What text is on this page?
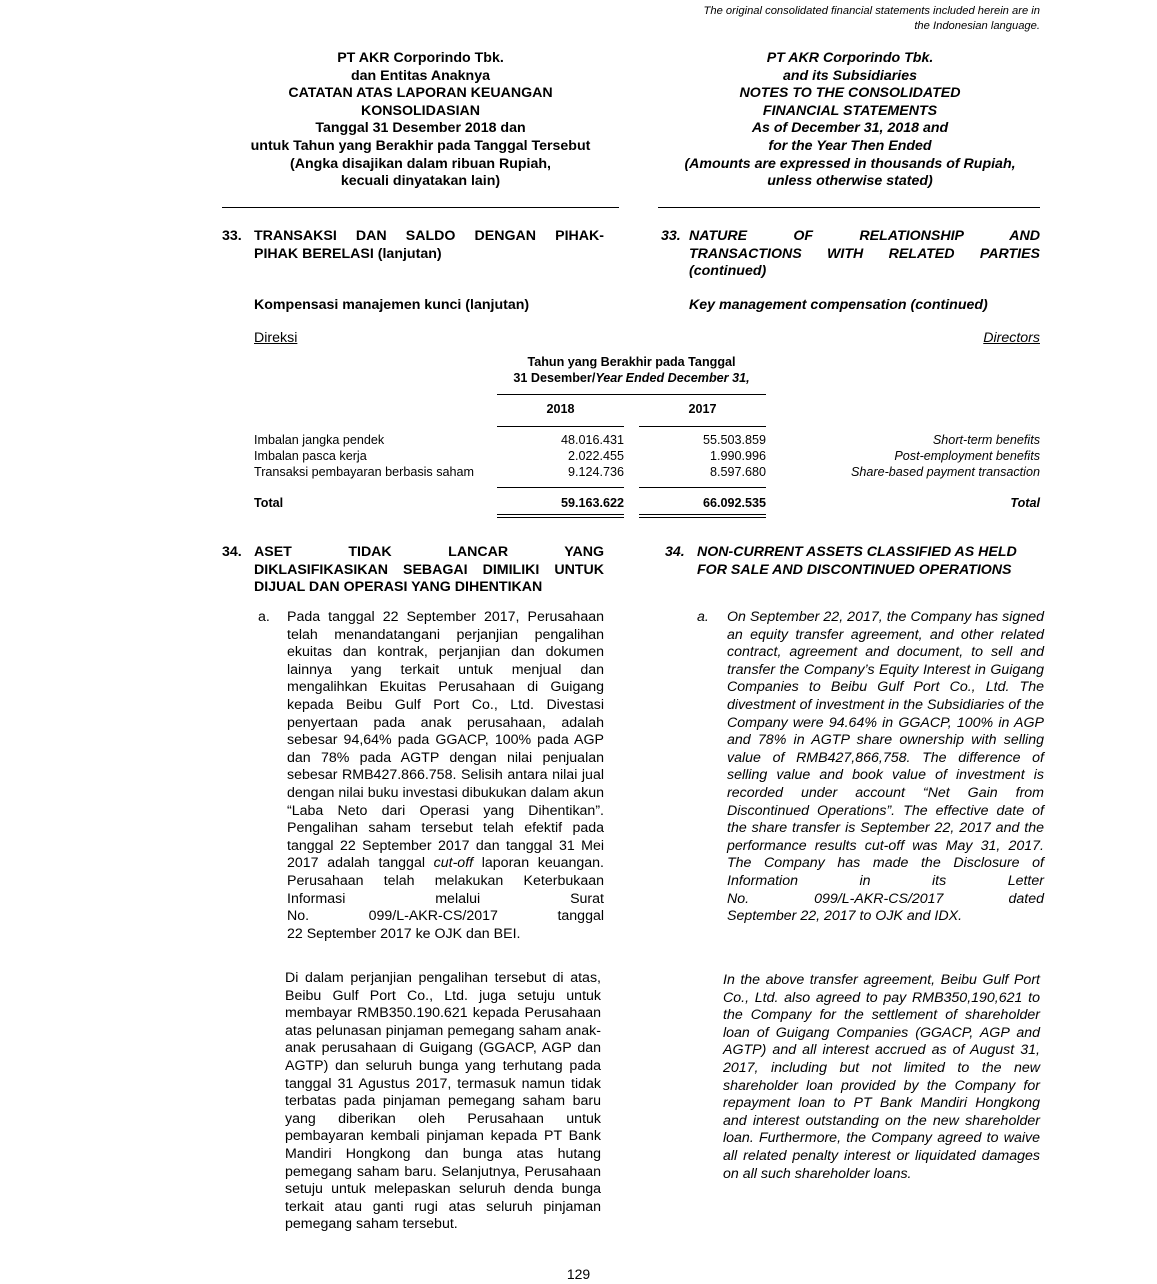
The original consolidated financial statements included herein are in
the Indonesian language.
PT AKR Corporindo Tbk.
dan Entitas Anaknya
CATATAN ATAS LAPORAN KEUANGAN
KONSOLIDASIAN
Tanggal 31 Desember 2018 dan
untuk Tahun yang Berakhir pada Tanggal Tersebut
(Angka disajikan dalam ribuan Rupiah,
kecuali dinyatakan lain)
PT AKR Corporindo Tbk.
and its Subsidiaries
NOTES TO THE CONSOLIDATED
FINANCIAL STATEMENTS
As of December 31, 2018 and
for the Year Then Ended
(Amounts are expressed in thousands of Rupiah,
unless otherwise stated)
33. TRANSAKSI DAN SALDO DENGAN PIHAK-
PIHAK BERELASI (lanjutan)
33. NATURE OF RELATIONSHIP AND
TRANSACTIONS WITH RELATED PARTIES
(continued)
Kompensasi manajemen kunci (lanjutan)	Key management compensation (continued)
Direksi	Directors
Tahun yang Berakhir pada Tanggal
31 Desember/Year Ended December 31,
2018	2017
Imbalan jangka pendek	48.016.431	55.503.859	Short-term benefits
Imbalan pasca kerja	2.022.455	1.990.996	Post-employment benefits
Transaksi pembayaran berbasis saham	9.124.736	8.597.680	Share-based payment transaction
Total	59.163.622	66.092.535	Total
34. ASET TIDAK LANCAR YANG
DIKLASIFIKASIKAN SEBAGAI DIMILIKI UNTUK
DIJUAL DAN OPERASI YANG DIHENTIKAN
34. NON-CURRENT ASSETS CLASSIFIED AS HELD
FOR SALE AND DISCONTINUED OPERATIONS
a.	a.
Pada tanggal 22 September 2017, Perusahaan telah menandatangani perjanjian pengalihan ekuitas dan kontrak, perjanjian dan dokumen lainnya yang terkait untuk menjual dan mengalihkan Ekuitas Perusahaan di Guigang kepada Beibu Gulf Port Co., Ltd. Divestasi penyertaan pada anak perusahaan, adalah sebesar 94,64% pada GGACP, 100% pada AGP dan 78% pada AGTP dengan nilai penjualan sebesar RMB427.866.758. Selisih antara nilai jual dengan nilai buku investasi dibukukan dalam akun “Laba Neto dari Operasi yang Dihentikan”. Pengalihan saham tersebut telah efektif pada tanggal 22 September 2017 dan tanggal 31 Mei 2017 adalah tanggal cut-off laporan keuangan. Perusahaan telah melakukan Keterbukaan Informasi melalui Surat
No. 099/L-AKR-CS/2017 tanggal
22 September 2017 ke OJK dan BEI.
Di dalam perjanjian pengalihan tersebut di atas, Beibu Gulf Port Co., Ltd. juga setuju untuk membayar RMB350.190.621 kepada Perusahaan atas pelunasan pinjaman pemegang saham anak-anak perusahaan di Guigang (GGACP, AGP dan AGTP) dan seluruh bunga yang terhutang pada tanggal 31 Agustus 2017, termasuk namun tidak terbatas pada pinjaman pemegang saham baru yang diberikan oleh Perusahaan untuk pembayaran kembali pinjaman kepada PT Bank Mandiri Hongkong dan bunga atas hutang pemegang saham baru. Selanjutnya, Perusahaan setuju untuk melepaskan seluruh denda bunga terkait atau ganti rugi atas seluruh pinjaman pemegang saham tersebut.
On September 22, 2017, the Company has signed an equity transfer agreement, and other related contract, agreement and document, to sell and transfer the Company’s Equity Interest in Guigang Companies to Beibu Gulf Port Co., Ltd. The divestment of investment in the Subsidiaries of the Company were 94.64% in GGACP, 100% in AGP and 78% in AGTP share ownership with selling value of RMB427,866,758. The difference of selling value and book value of investment is recorded under account “Net Gain from Discontinued Operations”. The effective date of the share transfer is September 22, 2017 and the performance results cut-off was May 31, 2017. The Company has made the Disclosure of Information in its Letter
No. 099/L-AKR-CS/2017 dated
September 22, 2017 to OJK and IDX.
In the above transfer agreement, Beibu Gulf Port Co., Ltd. also agreed to pay RMB350,190,621 to the Company for the settlement of shareholder loan of Guigang Companies (GGACP, AGP and AGTP) and all interest accrued as of August 31, 2017, including but not limited to the new shareholder loan provided by the Company for repayment loan to PT Bank Mandiri Hongkong and interest outstanding on the new shareholder loan. Furthermore, the Company agreed to waive all related penalty interest or liquidated damages on all such shareholder loans.
129
